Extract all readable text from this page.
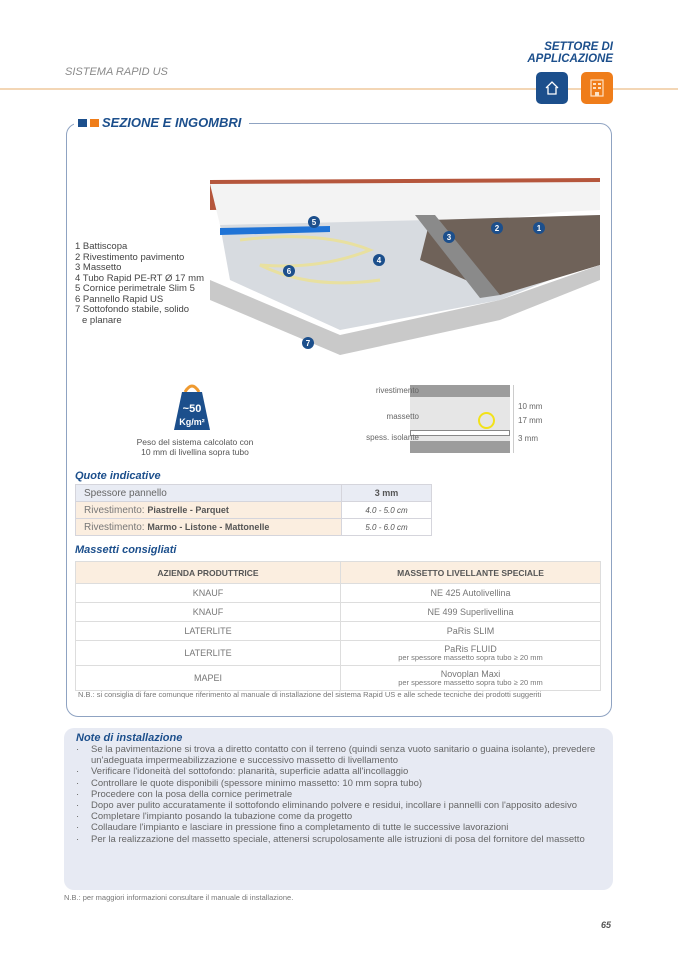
SISTEMA RAPID US
SETTORE DI
APPLICAZIONE
SEZIONE E INGOMBRI
1 Battiscopa
2 Rivestimento pavimento
3 Massetto
4 Tubo Rapid PE-RT Ø 17 mm
5 Cornice perimetrale Slim 5
6 Pannello Rapid US
7 Sottofondo stabile, solido
e planare
1
2
3
4
5
6
7
~50
Kg/m²
Peso del sistema calcolato con
10 mm di livellina sopra tubo
rivestimento
massetto
spess. isolante
10 mm
17 mm
3 mm
Quote indicative
Spessore pannello	3 mm
Rivestimento: Piastrelle - Parquet	4.0 - 5.0 cm
Rivestimento: Marmo - Listone - Mattonelle	5.0 - 6.0 cm
Massetti consigliati
AZIENDA PRODUTTRICE	MASSETTO LIVELLANTE SPECIALE
KNAUF	NE 425 Autolivellina
KNAUF	NE 499 Superlivellina
LATERLITE	PaRis SLIM
LATERLITE	PaRis FLUID
per spessore massetto sopra tubo ≥ 20 mm

MAPEI	Novoplan Maxi
per spessore massetto sopra tubo ≥ 20 mm
N.B.: si consiglia di fare comunque riferimento al manuale di installazione del sistema Rapid US e alle schede tecniche dei prodotti suggeriti
Note di installazione
· Se la pavimentazione si trova a diretto contatto con il terreno (quindi senza vuoto sanitario o guaina isolante), prevedere un'adeguata impermeabilizzazione e successivo massetto di livellamento
· Verificare l'idoneità del sottofondo: planarità, superficie adatta all'incollaggio
· Controllare le quote disponibili (spessore minimo massetto: 10 mm sopra tubo)
· Procedere con la posa della cornice perimetrale
· Dopo aver pulito accuratamente il sottofondo eliminando polvere e residui, incollare i pannelli con l'apposito adesivo
· Completare l'impianto posando la tubazione come da progetto
· Collaudare l'impianto e lasciare in pressione fino a completamento di tutte le successive lavorazioni
· Per la realizzazione del massetto speciale, attenersi scrupolosamente alle istruzioni di posa del fornitore del massetto
N.B.: per maggiori informazioni consultare il manuale di installazione.
65
